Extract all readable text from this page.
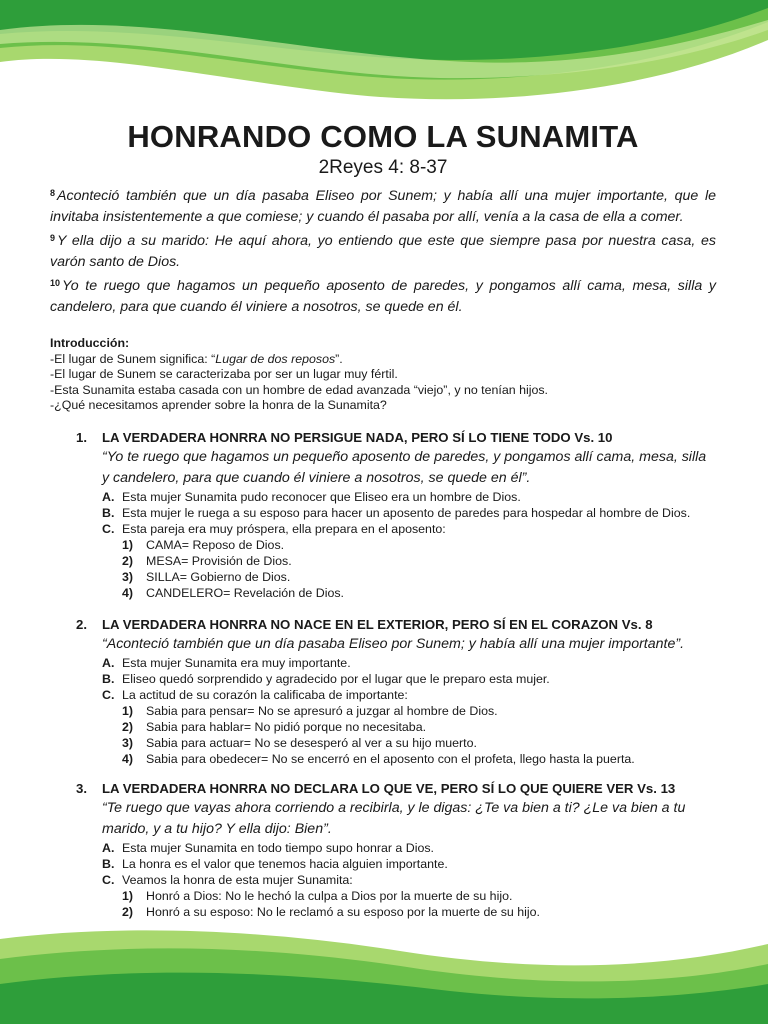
HONRANDO COMO LA SUNAMITA

2Reyes 4: 8-37

$^8$ Aconteció también que un día pasaba Eliseo por Sunem; y había allí una mujer importante, que le invitaba insistentemente a que comiese; y cuando él pasaba por allí, venía a la casa de ella a comer.

$^9$ Y ella dijo a su marido: He aquí ahora, yo entiendo que este que siempre pasa por nuestra casa, es varón santo de Dios.

$^{10}$ Yo te ruego que hagamos un pequeño aposento de paredes, y pongamos allí cama, mesa, silla y candelero, para que cuando él viniere a nosotros, se quede en él.

Introducción:

-El lugar de Sunem significa: “Lugar de dos reposos”.

-El lugar de Sunem se caracterizaba por ser un lugar muy fértil.

-Esta Sunamita estaba casada con un hombre de edad avanzada “viejo”, y no tenían hijos.

-¿Qué necesitamos aprender sobre la honra de la Sunamita?

1.	LA VERDADERA HONRRA NO PERSIGUE NADA, PERO SÍ LO TIENE TODO Vs. 10
“Yo te ruego que hagamos un pequeño aposento de paredes, y pongamos allí cama, mesa, silla y candelero, para que cuando él viniere a nosotros, se quede en él”.
A. Esta mujer Sunamita pudo reconocer que Eliseo era un hombre de Dios.
B. Esta mujer le ruega a su esposo para hacer un aposento de paredes para hospedar al hombre de Dios.
C. Esta pareja era muy próspera, ella prepara en el aposento:
1)	CAMA= Reposo de Dios.
2)	MESA= Provisión de Dios.
3)	SILLA= Gobierno de Dios.
4)	CANDELERO= Revelación de Dios.
2.	LA VERDADERA HONRRA NO NACE EN EL EXTERIOR, PERO SÍ EN EL CORAZON Vs. 8
“Aconteció también que un día pasaba Eliseo por Sunem; y había allí una mujer importante”.
A. Esta mujer Sunamita era muy importante.
B. Eliseo quedó sorprendido y agradecido por el lugar que le preparo esta mujer.
C. La actitud de su corazón la calificaba de importante:
1)	Sabia para pensar= No se apresuró a juzgar al hombre de Dios.
2)	Sabia para hablar= No pidió porque no necesitaba.
3)	Sabia para actuar= No se desesperó al ver a su hijo muerto.
4)	Sabia para obedecer= No se encerró en el aposento con el profeta, llego hasta la puerta.
3.	LA VERDADERA HONRRA NO DECLARA LO QUE VE, PERO SÍ LO QUE QUIERE VER Vs. 13
“Te ruego que vayas ahora corriendo a recibirla, y le digas: ¿Te va bien a ti? ¿Le va bien a tu marido, y a tu hijo? Y ella dijo: Bien”.
A. Esta mujer Sunamita en todo tiempo supo honrar a Dios.
B. La honra es el valor que tenemos hacia alguien importante.
C. Veamos la honra de esta mujer Sunamita:
1)	Honró a Dios: No le hechó la culpa a Dios por la muerte de su hijo.
2)	Honró a su esposo: No le reclamó a su esposo por la muerte de su hijo.
